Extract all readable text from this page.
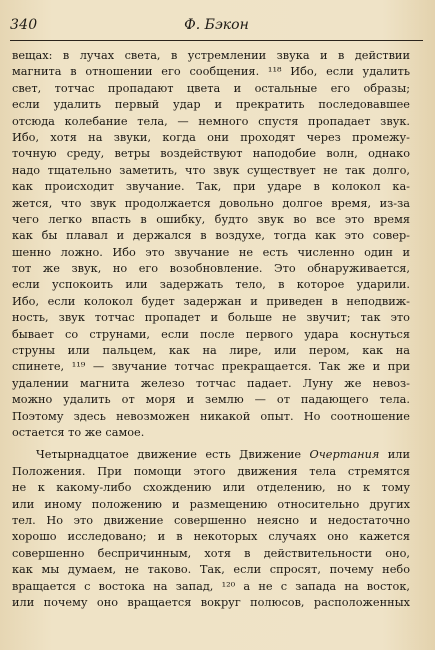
340	Ф. Бэкон
вещах: в лучах света, в устремлении звука и в действии
магнита в отношении его сообщения. ¹¹⁸ Ибо, если удалить
свет, тотчас пропадают цвета и остальные его образы;
если удалить первый удар и прекратить последовавшее
отсюда колебание тела, — немного спустя пропадает звук.
Ибо, хотя на звуки, когда они проходят через промежу-
точную среду, ветры воздействуют наподобие волн, однако
надо тщательно заметить, что звук существует не так долго,
как происходит звучание. Так, при ударе в колокол ка-
жется, что звук продолжается довольно долгое время, из-за
чего легко впасть в ошибку, будто звук во все это время
как бы плавал и держался в воздухе, тогда как это совер-
шенно ложно. Ибо это звучание не есть численно один и
тот же звук, но его возобновление. Это обнаруживается,
если успокоить или задержать тело, в которое ударили.
Ибо, если колокол будет задержан и приведен в неподвиж-
ность, звук тотчас пропадет и больше не звучит; так это
бывает со струнами, если после первого удара коснуться
струны или пальцем, как на лире, или пером, как на
спинете, ¹¹⁹ — звучание тотчас прекращается. Так же и при
удалении магнита железо тотчас падает. Луну же невоз-
можно удалить от моря и землю — от падающего тела.
Поэтому здесь невозможен никакой опыт. Но соотношение
остается то же самое.
Четырнадцатое движение есть Движение Очертания или
Положения. При помощи этого движения тела стремятся
не к какому-либо схождению или отделению, но к тому
или иному положению и размещению относительно других
тел. Но это движение совершенно неясно и недостаточно
хорошо исследовано; и в некоторых случаях оно кажется
совершенно беспричинным, хотя в действительности оно,
как мы думаем, не таково. Так, если спросят, почему небо
вращается с востока на запад, ¹²⁰ а не с запада на восток,
или почему оно вращается вокруг полюсов, расположенных
